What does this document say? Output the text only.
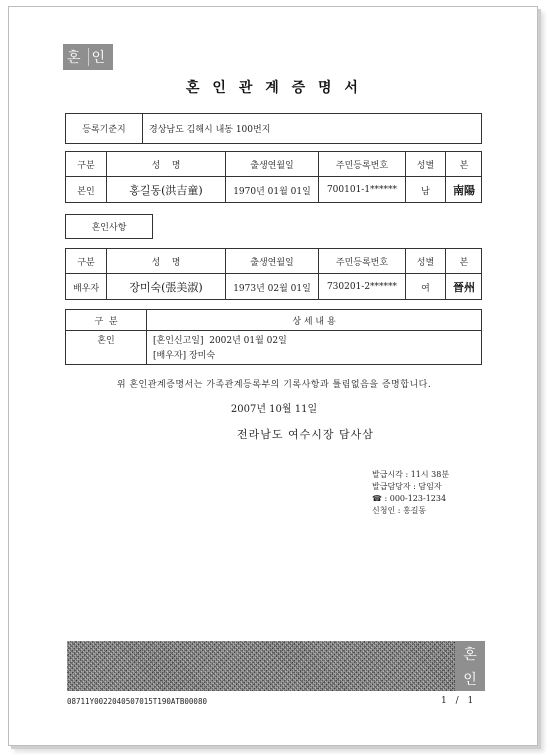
혼 인
혼 인 관 계 증 명 서
등록기준지	경상남도 김해시 내동 100번지
구분	성    명	출생연월일	주민등록번호	성별	본
본인	홍길동(洪吉童)	1970년 01월 01일	700101-1******	남	南陽
혼인사항
구분	성    명	출생연월일	주민등록번호	성별	본
배우자	장미숙(張美淑)	1973년 02월 01일	730201-2******	여	晉州
구  분	상 세 내 용
혼인	[혼인신고일]  2002년 01월 02일
[배우자] 장미숙
위 혼인관계증명서는 가족관계등록부의 기록사항과 틀림없음을 증명합니다.
2007년 10월 11일
전라남도 여수시장 담사삼
발급시각 : 11시 38분
발급담당자 : 담임자
☎ : 000-123-1234
신청인 : 홍길동
혼
인
08711Y0022040507015T190ATB00080	1 / 1
